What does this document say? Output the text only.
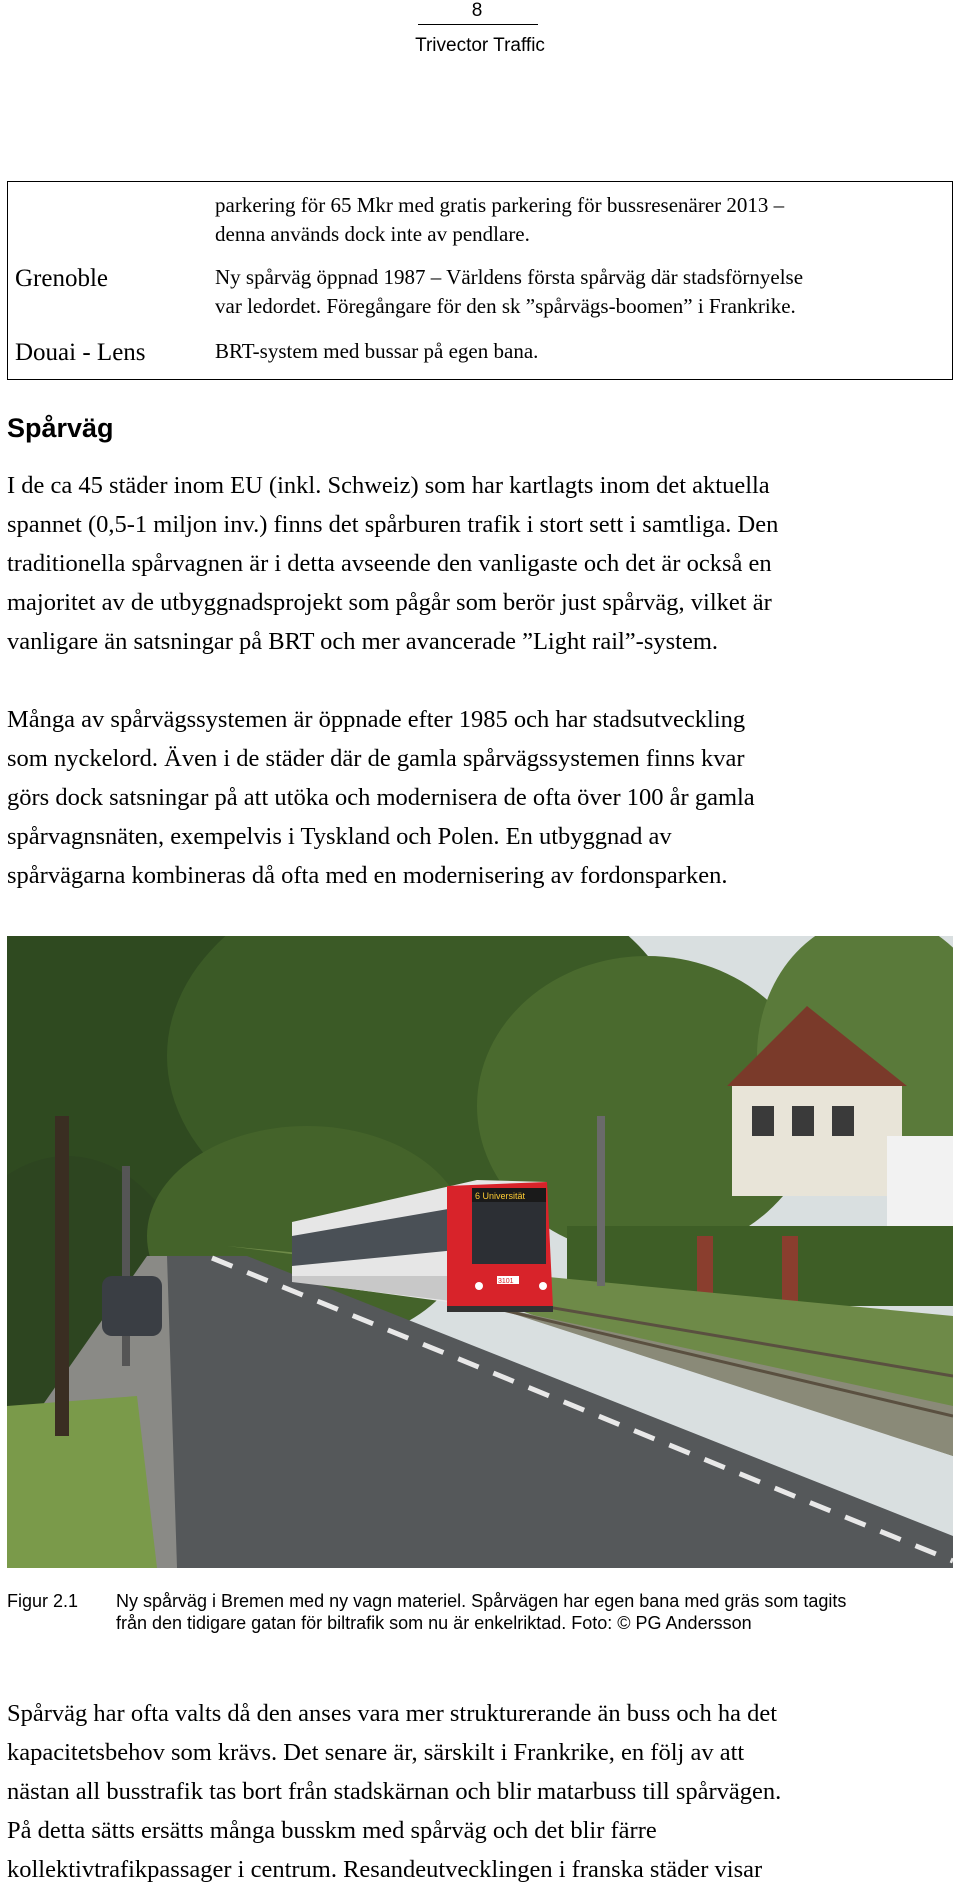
8
Trivector Traffic
parkering för 65 Mkr med gratis parkering för bussresenärer 2013 –
denna används dock inte av pendlare.
Grenoble	Ny spårväg öppnad 1987 – Världens första spårväg där stadsförnyelse
var ledordet. Föregångare för den sk ”spårvägs-boomen” i Frankrike.
Douai - Lens	BRT-system med bussar på egen bana.
Spårväg
I de ca 45 städer inom EU (inkl. Schweiz) som har kartlagts inom det aktuella
spannet (0,5-1 miljon inv.) finns det spårburen trafik i stort sett i samtliga. Den
traditionella spårvagnen är i detta avseende den vanligaste och det är också en
majoritet av de utbyggnadsprojekt som pågår som berör just spårväg, vilket är
vanligare än satsningar på BRT och mer avancerade ”Light rail”-system.
Många av spårvägssystemen är öppnade efter 1985 och har stadsutveckling
som nyckelord. Även i de städer där de gamla spårvägssystemen finns kvar
görs dock satsningar på att utöka och modernisera de ofta över 100 år gamla
spårvagnsnäten, exempelvis i Tyskland och Polen. En utbyggnad av
spårvägarna kombineras då ofta med en modernisering av fordonsparken.
6 Universität
3101
Figur 2.1 Ny spårväg i Bremen med ny vagn materiel. Spårvägen har egen bana med gräs som tagits
från den tidigare gatan för biltrafik som nu är enkelriktad. Foto: © PG Andersson
Spårväg har ofta valts då den anses vara mer strukturerande än buss och ha det
kapacitetsbehov som krävs. Det senare är, särskilt i Frankrike, en följ av att
nästan all busstrafik tas bort från stadskärnan och blir matarbuss till spårvägen.
På detta sätts ersätts många busskm med spårväg och det blir färre
kollektivtrafikpassager i centrum. Resandeutvecklingen i franska städer visar
